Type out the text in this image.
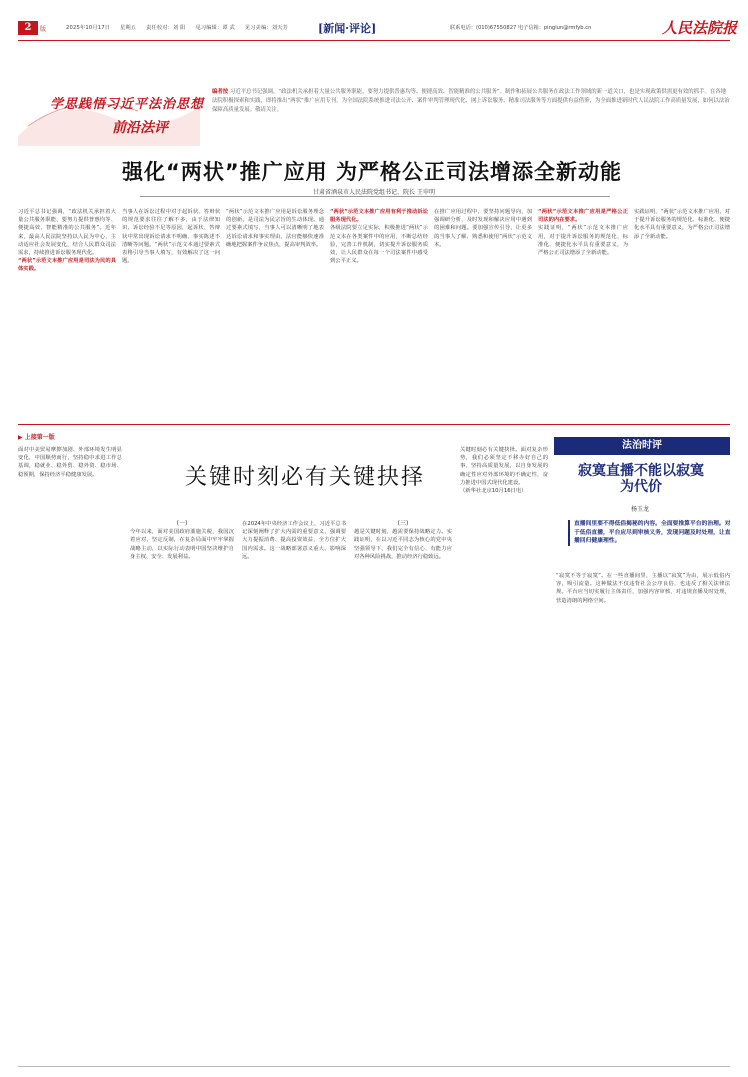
2	版	2025年10月17日 星期五 责任校对：刘 阳 见习编辑：谭 武 见习美编：刘天芳	[新闻·评论]	联系电话：(010)67550827 电子信箱：pinglun@rmfyb.cn	人民法院报
学思践悟习近平法治思想
前沿法评
编者按 习近平总书记强调，“政法机关承担着大量公共服务职能，要努力提供普惠均等、便捷高效、智能精准的公共服务”。制作和拓展公共服务在政法工作领域的新一道关口，也是实现政策供需更有效的抓手。在各地法院积极探索和实践，即将推出“两状”推广应用专刊，为全国法院系统推进司法公开、案件审判管理现代化、网上诉讼服务、精准司法服务等方面提供有益借鉴，为全面推进新时代人民法院工作高质量发展，如何以法治保障高质量发展。敬请关注。
强化“两状”推广应用 为严格公正司法增添全新动能
甘肃省酒泉市人民法院党组书记、院长 王申明
习近平总书记强调，“政法机关承担着大量公共服务职能，要努力提供普惠均等、便捷高效、智能精准的公共服务”。近年来，最高人民法院坚持以人民为中心，主动适应社会发展变化，结合人民群众司法需求，持续推进诉讼服务现代化。
“两状”示范文本推广应用是司法为民的具体实践。
当事人在诉讼过程中对于起诉状、答辩状的规范要求往往了解不多，由于法律知识、诉讼经验不足等原因，起诉状、答辩状中常出现诉讼请求不明确、事实陈述不清晰等问题。“两状”示范文本通过要素式表格引导当事人填写，有效解决了这一问题。
“两状”示范文本推广应用是诉讼服务理念的创新，是司法为民宗旨的生动体现。通过要素式填写，当事人可以清晰明了地表达诉讼请求和事实理由，法官能够快速准确地把握案件争议焦点，提高审判效率。
“两状”示范文本推广应用有利于推动诉讼服务现代化。
各级法院要立足实际，积极推进“两状”示范文本在各类案件中的应用，不断总结经验，完善工作机制，切实提升诉讼服务质效，让人民群众在每一个司法案件中感受到公平正义。
在推广应用过程中，要坚持问题导向，加强调研分析，及时发现和解决应用中遇到的困难和问题。要加强宣传引导，让更多的当事人了解、熟悉和使用“两状”示范文本。
“两状”示范文本推广应用是严格公正司法的内在要求。
实践证明，“两状”示范文本推广应用，对于提升诉讼服务的规范化、标准化、便捷化水平具有重要意义，为严格公正司法增添了全新动能。
实践证明，“两状”示范文本推广应用，对于提升诉讼服务的规范化、标准化、便捷化水平具有重要意义，为严格公正司法增添了全新动能。
▶ 上接第一版
关键时刻必有关键抉择
面对中美贸易摩擦加剧、外部环境发生明显变化，中国顺势而行，坚持稳中求进工作总基调，稳就业、稳外贸、稳外资、稳市场、稳预期，保持经济平稳健康发展。
(一)
今年以来，面对美国政府滥施关税，我国沉着应对、坚定反制，在复杂局面中牢牢掌握战略主动，以实际行动表明中国坚决维护自身主权、安全、发展利益。
在2024年中央经济工作会议上，习近平总书记深刻阐释了扩大内需的重要意义，强调要大力提振消费、提高投资效益，全方位扩大国内需求。这一战略部署意义重大、影响深远。
(三)
越是关键时刻，越需要保持战略定力。实践证明，在以习近平同志为核心的党中央坚强领导下，我们完全有信心、有能力应对各种风险挑战，推动经济行稳致远。
关键时刻必有关键抉择。面对复杂形势，我们必须坚定不移办好自己的事，坚持高质量发展，以自身发展的确定性应对外部环境的不确定性，奋力推进中国式现代化建设。
（新华社北京10月16日电）
法治时评
寂寞直播不能以寂寞为代价
杨玉龙
直播间里要不得低俗揭秘的内容。全面要推算平台的治理。对于低俗直播，平台应尽到审核义务，发现问题及时处理，让直播回归健康理性。
“寂寞不等于寂寞”。在一些直播间里，主播以“寂寞”为由，展示低俗内容，吸引流量。这种做法不仅违背社会公序良俗，也违反了相关法律法规。平台应当切实履行主体责任，加强内容审核，对违规直播及时处理，营造清朗的网络空间。
